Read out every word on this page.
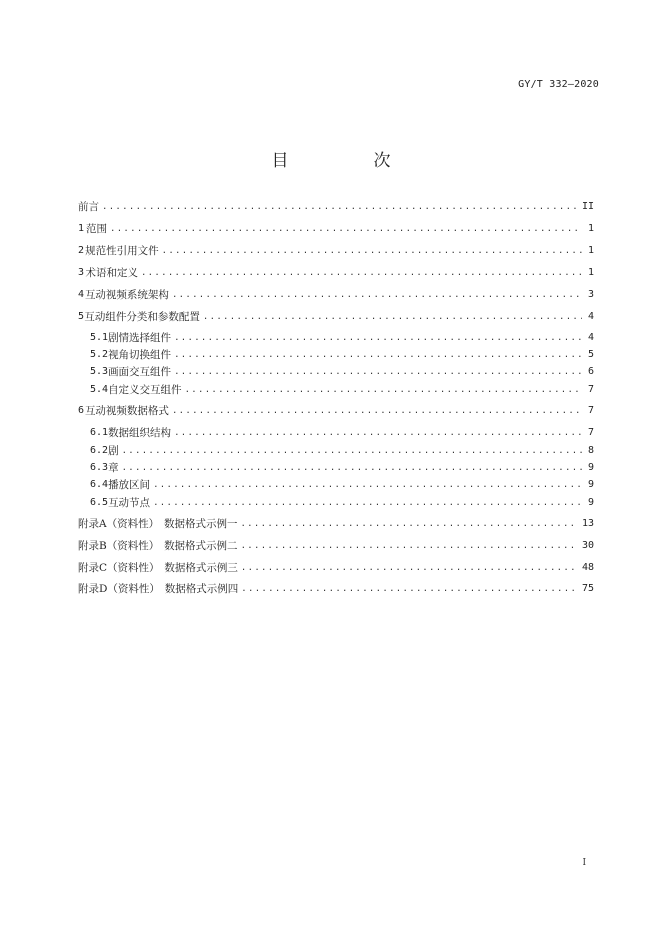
GY/T 332—2020
目　次
前言 .....	II
1 范围 .....	1
2 规范性引用文件 .....	1
3 术语和定义 .....	1
4 互动视频系统架构 .....	3
5 互动组件分类和参数配置 .....	4
5.1 剧情选择组件 .....	4
5.2 视角切换组件 .....	5
5.3 画面交互组件 .....	6
5.4 自定义交互组件 .....	7
6 互动视频数据格式 .....	7
6.1 数据组织结构 .....	7
6.2 剧 .....	8
6.3 章 .....	9
6.4 播放区间 .....	9
6.5 互动节点 .....	9
附录A（资料性） 数据格式示例一 .....	13
附录B（资料性） 数据格式示例二 .....	30
附录C（资料性） 数据格式示例三 .....	48
附录D（资料性） 数据格式示例四 .....	75
I
